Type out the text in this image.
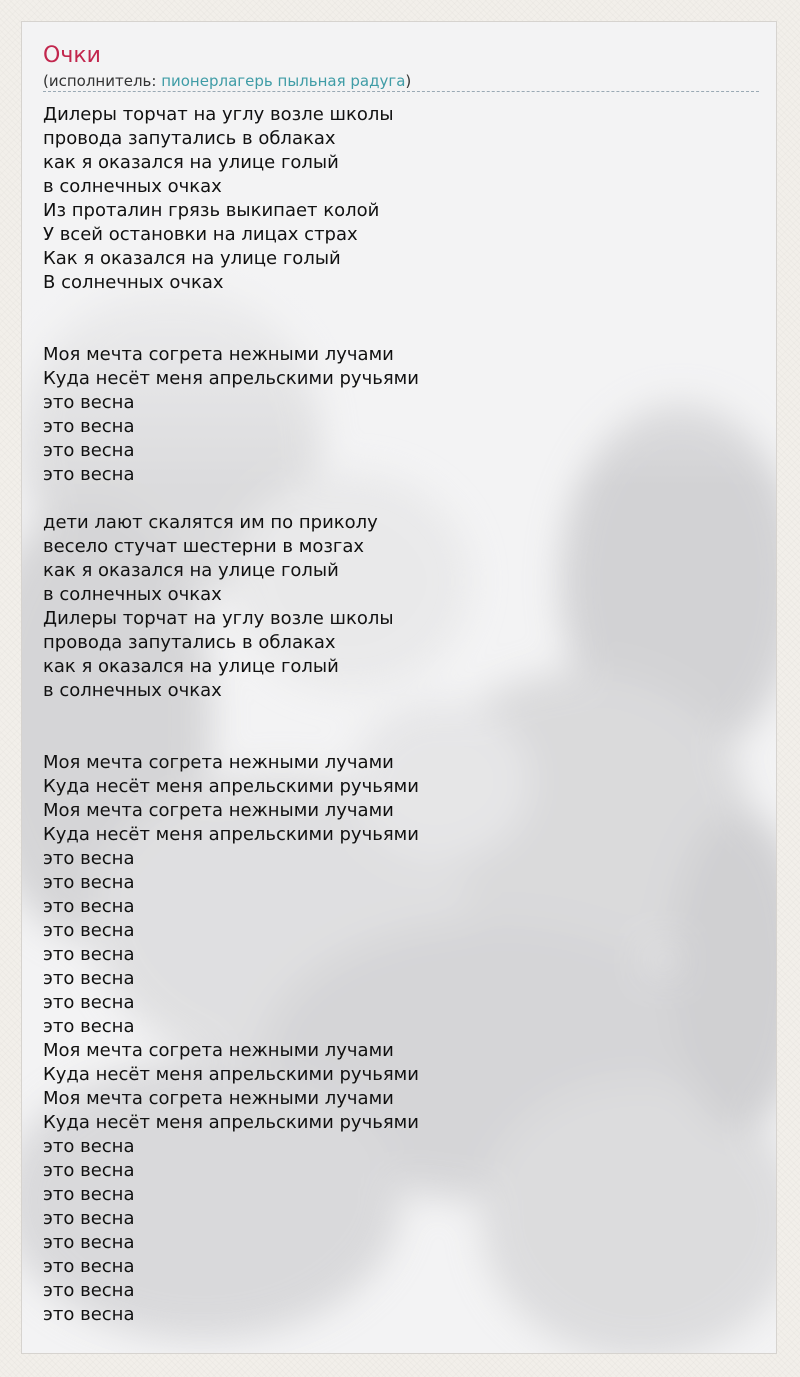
Очки
(исполнитель: пионерлагерь пыльная радуга)
Дилеры торчат на углу возле школы
провода запутались в облаках
как я оказался на улице голый
в солнечных очках
Из проталин грязь выкипает колой
У всей остановки на лицах страх
Как я оказался на улице голый
В солнечных очках
Моя мечта согрета нежными лучами
Куда несёт меня апрельскими ручьями
это весна
это весна
это весна
это весна
дети лают скалятся им по приколу
весело стучат шестерни в мозгах
как я оказался на улице голый
в солнечных очках
Дилеры торчат на углу возле школы
провода запутались в облаках
как я оказался на улице голый
в солнечных очках
Моя мечта согрета нежными лучами
Куда несёт меня апрельскими ручьями
Моя мечта согрета нежными лучами
Куда несёт меня апрельскими ручьями
это весна
это весна
это весна
это весна
это весна
это весна
это весна
это весна
Моя мечта согрета нежными лучами
Куда несёт меня апрельскими ручьями
Моя мечта согрета нежными лучами
Куда несёт меня апрельскими ручьями
это весна
это весна
это весна
это весна
это весна
это весна
это весна
это весна
